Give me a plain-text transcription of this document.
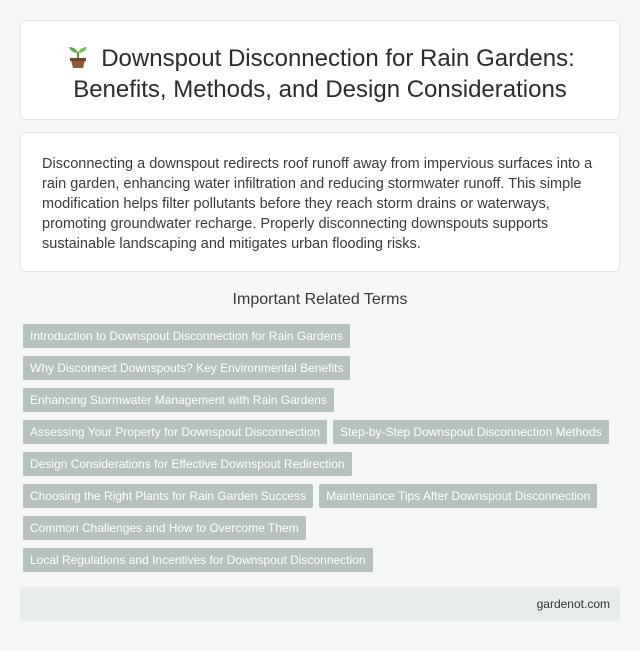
Downspout Disconnection for Rain Gardens:
Benefits, Methods, and Design Considerations

Disconnecting a downspout redirects roof runoff away from impervious surfaces into a rain garden, enhancing water infiltration and reducing stormwater runoff. This simple modification helps filter pollutants before they reach storm drains or waterways, promoting groundwater recharge. Properly disconnecting downspouts supports sustainable landscaping and mitigates urban flooding risks.

Important Related Terms
Introduction to Downspout Disconnection for Rain Gardens
Why Disconnect Downspouts? Key Environmental Benefits
Enhancing Stormwater Management with Rain Gardens
Assessing Your Property for Downspout Disconnection Step-by-Step Downspout Disconnection Methods
Design Considerations for Effective Downspout Redirection
Choosing the Right Plants for Rain Garden Success Maintenance Tips After Downspout Disconnection
Common Challenges and How to Overcome Them
Local Regulations and Incentives for Downspout Disconnection
gardenot.com
